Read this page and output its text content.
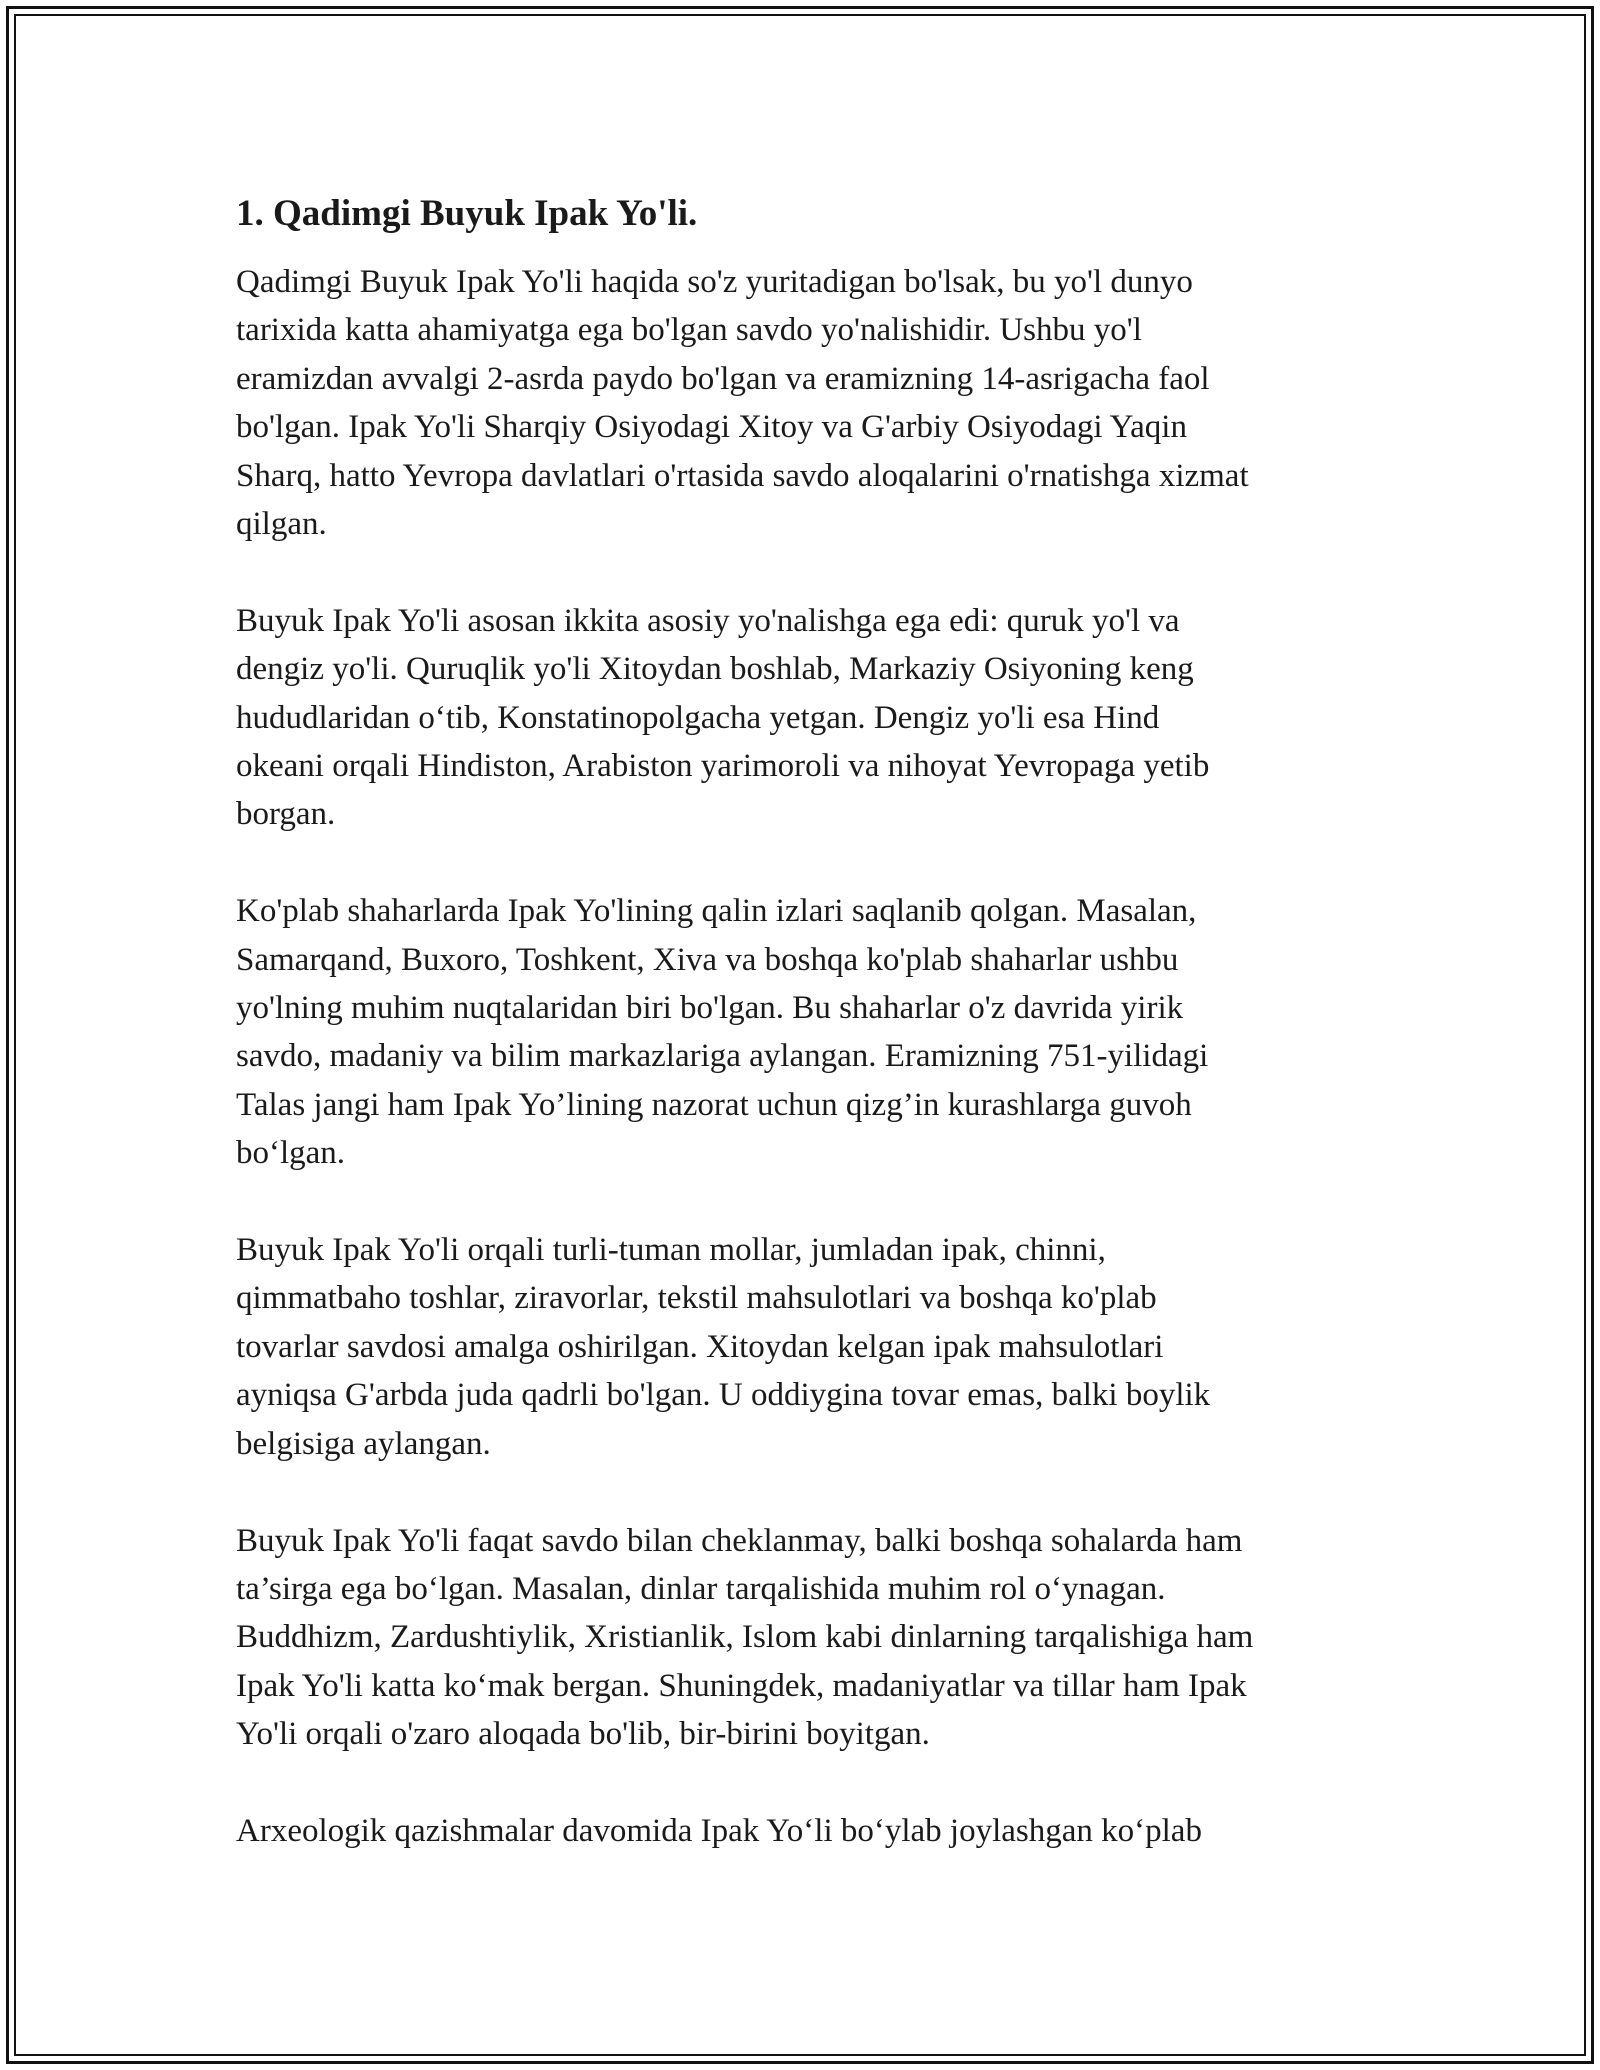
1. Qadimgi Buyuk Ipak Yo'li.

Qadimgi Buyuk Ipak Yo'li haqida so'z yuritadigan bo'lsak, bu yo'l dunyo
tarixida katta ahamiyatga ega bo'lgan savdo yo'nalishidir. Ushbu yo'l
eramizdan avvalgi 2-asrda paydo bo'lgan va eramizning 14-asrigacha faol
bo'lgan. Ipak Yo'li Sharqiy Osiyodagi Xitoy va G'arbiy Osiyodagi Yaqin
Sharq, hatto Yevropa davlatlari o'rtasida savdo aloqalarini o'rnatishga xizmat
qilgan.

Buyuk Ipak Yo'li asosan ikkita asosiy yo'nalishga ega edi: quruk yo'l va
dengiz yo'li. Quruqlik yo'li Xitoydan boshlab, Markaziy Osiyoning keng
hududlaridan o‘tib, Konstatinopolgacha yetgan. Dengiz yo'li esa Hind
okeani orqali Hindiston, Arabiston yarimoroli va nihoyat Yevropaga yetib
borgan.

Ko'plab shaharlarda Ipak Yo'lining qalin izlari saqlanib qolgan. Masalan,
Samarqand, Buxoro, Toshkent, Xiva va boshqa ko'plab shaharlar ushbu
yo'lning muhim nuqtalaridan biri bo'lgan. Bu shaharlar o'z davrida yirik
savdo, madaniy va bilim markazlariga aylangan. Eramizning 751-yilidagi
Talas jangi ham Ipak Yo’lining nazorat uchun qizg’in kurashlarga guvoh
bo‘lgan.

Buyuk Ipak Yo'li orqali turli-tuman mollar, jumladan ipak, chinni,
qimmatbaho toshlar, ziravorlar, tekstil mahsulotlari va boshqa ko'plab
tovarlar savdosi amalga oshirilgan. Xitoydan kelgan ipak mahsulotlari
ayniqsa G'arbda juda qadrli bo'lgan. U oddiygina tovar emas, balki boylik
belgisiga aylangan.

Buyuk Ipak Yo'li faqat savdo bilan cheklanmay, balki boshqa sohalarda ham
ta’sirga ega bo‘lgan. Masalan, dinlar tarqalishida muhim rol o‘ynagan.
Buddhizm, Zardushtiylik, Xristianlik, Islom kabi dinlarning tarqalishiga ham
Ipak Yo'li katta ko‘mak bergan. Shuningdek, madaniyatlar va tillar ham Ipak
Yo'li orqali o'zaro aloqada bo'lib, bir-birini boyitgan.

Arxeologik qazishmalar davomida Ipak Yo‘li bo‘ylab joylashgan ko‘plab
